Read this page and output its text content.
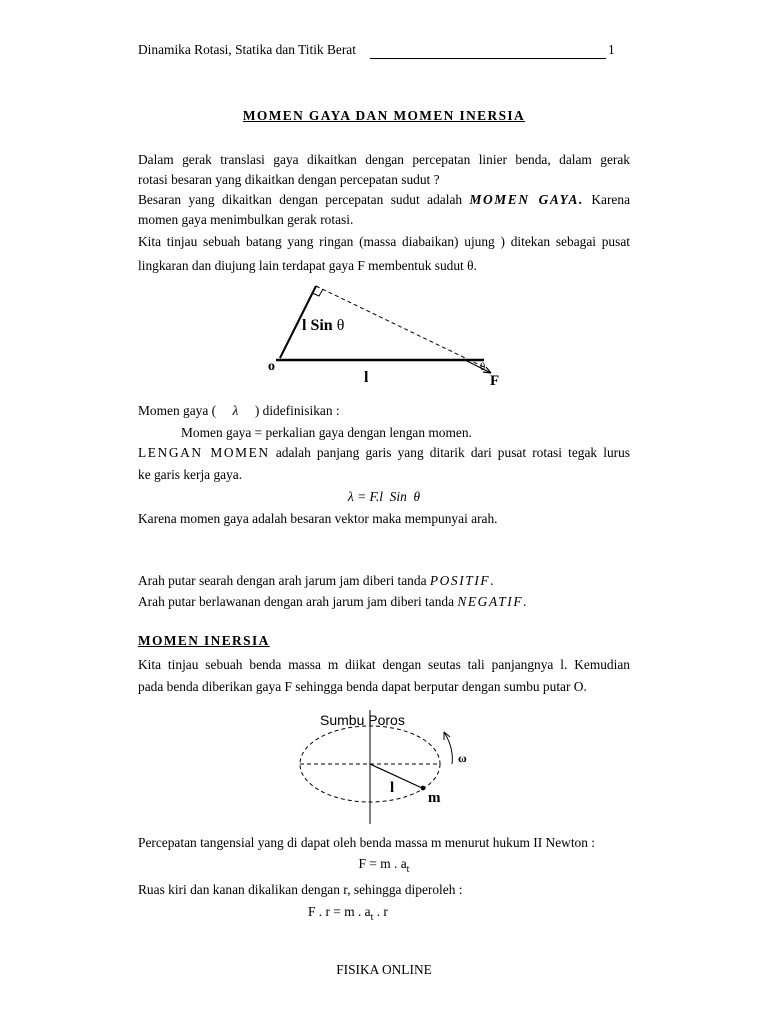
Dinamika Rotasi, Statika dan Titik Berat	1
MOMEN GAYA DAN MOMEN INERSIA
Dalam gerak translasi gaya dikaitkan dengan percepatan linier benda, dalam gerak
rotasi besaran yang dikaitkan dengan percepatan sudut ?
Besaran yang dikaitkan dengan percepatan sudut adalah MOMEN GAYA. Karena
momen gaya menimbulkan gerak rotasi.
Kita tinjau sebuah batang yang ringan (massa diabaikan) ujung ) ditekan sebagai pusat
lingkaran dan diujung lain terdapat gaya F membentuk sudut θ.
l Sin θ
o
l
θ
F
Momen gaya ( λ ) didefinisikan :
Momen gaya = perkalian gaya dengan lengan momen.
LENGAN MOMEN adalah panjang garis yang ditarik dari pusat rotasi tegak lurus
ke garis kerja gaya.
λ = F.l  Sin  θ
Karena momen gaya adalah besaran vektor maka mempunyai arah.
Arah putar searah dengan arah jarum jam diberi tanda POSITIF.
Arah putar berlawanan dengan arah jarum jam diberi tanda NEGATIF.
MOMEN INERSIA
Kita tinjau sebuah benda massa m diikat dengan seutas tali panjangnya l. Kemudian
pada benda diberikan gaya F sehingga benda dapat berputar dengan sumbu putar O.
Sumbu Poros
ω
l
m
Percepatan tangensial yang di dapat oleh benda massa m menurut hukum II Newton :
F = m . $a_t$
Ruas kiri dan kanan dikalikan dengan r, sehingga diperoleh :
F . r = m . $a_t$ . r
FISIKA ONLINE
